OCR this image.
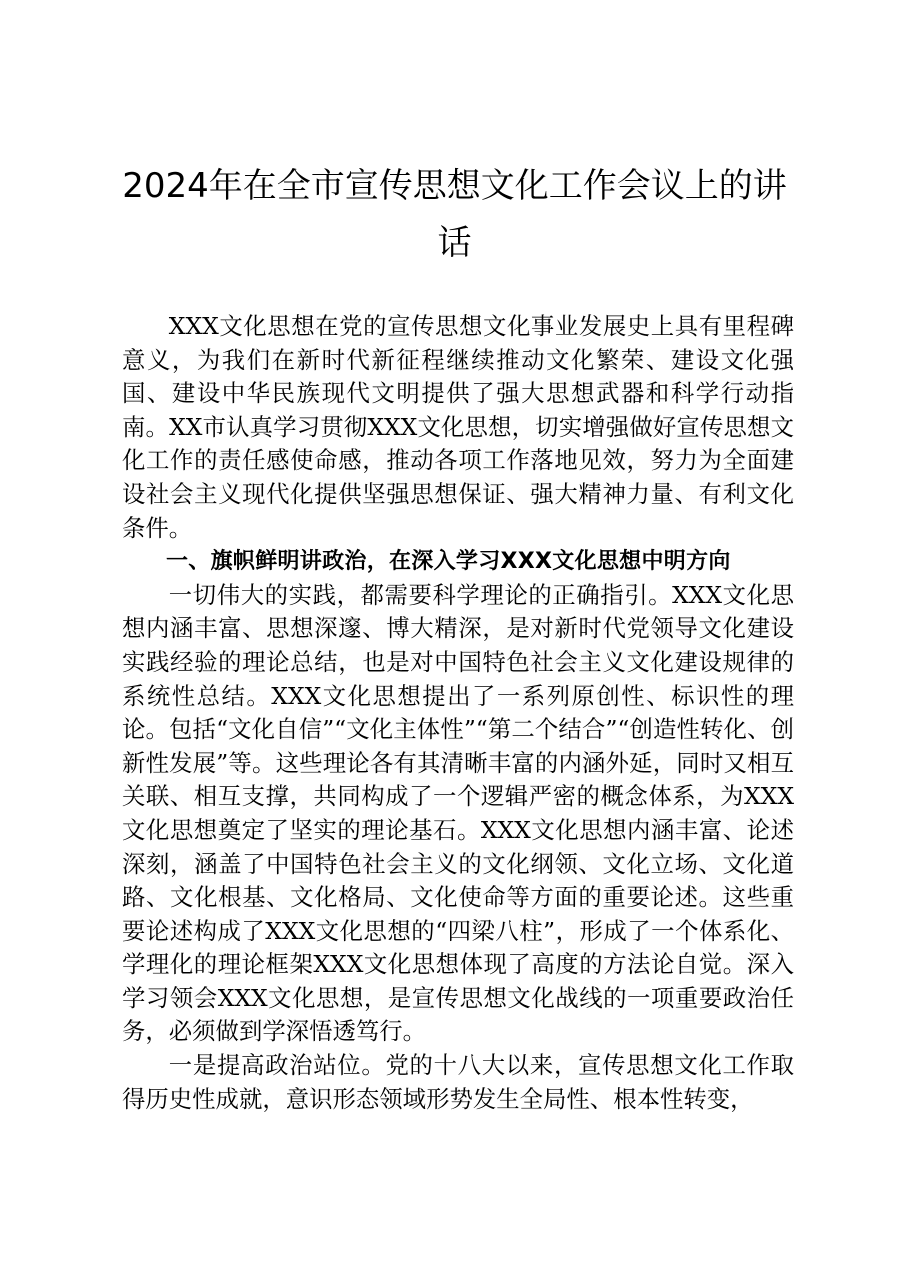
2024年在全市宣传思想文化工作会议上的讲话

XXX文化思想在党的宣传思想文化事业发展史上具有里程碑意义，为我们在新时代新征程继续推动文化繁荣、建设文化强国、建设中华民族现代文明提供了强大思想武器和科学行动指南。XX市认真学习贯彻XXX文化思想，切实增强做好宣传思想文化工作的责任感使命感，推动各项工作落地见效，努力为全面建设社会主义现代化提供坚强思想保证、强大精神力量、有利文化条件。

一、旗帜鲜明讲政治，在深入学习XXX文化思想中明方向

一切伟大的实践，都需要科学理论的正确指引。XXX文化思想内涵丰富、思想深邃、博大精深，是对新时代党领导文化建设实践经验的理论总结，也是对中国特色社会主义文化建设规律的系统性总结。XXX文化思想提出了一系列原创性、标识性的理论。包括“文化自信”“文化主体性”“第二个结合”“创造性转化、创新性发展”等。这些理论各有其清晰丰富的内涵外延，同时又相互关联、相互支撑，共同构成了一个逻辑严密的概念体系，为XXX文化思想奠定了坚实的理论基石。XXX文化思想内涵丰富、论述深刻，涵盖了中国特色社会主义的文化纲领、文化立场、文化道路、文化根基、文化格局、文化使命等方面的重要论述。这些重要论述构成了XXX文化思想的“四梁八柱”，形成了一个体系化、学理化的理论框架XXX文化思想体现了高度的方法论自觉。深入学习领会XXX文化思想，是宣传思想文化战线的一项重要政治任务，必须做到学深悟透笃行。

一是提高政治站位。党的十八大以来，宣传思想文化工作取得历史性成就，意识形态领域形势发生全局性、根本性转变，
